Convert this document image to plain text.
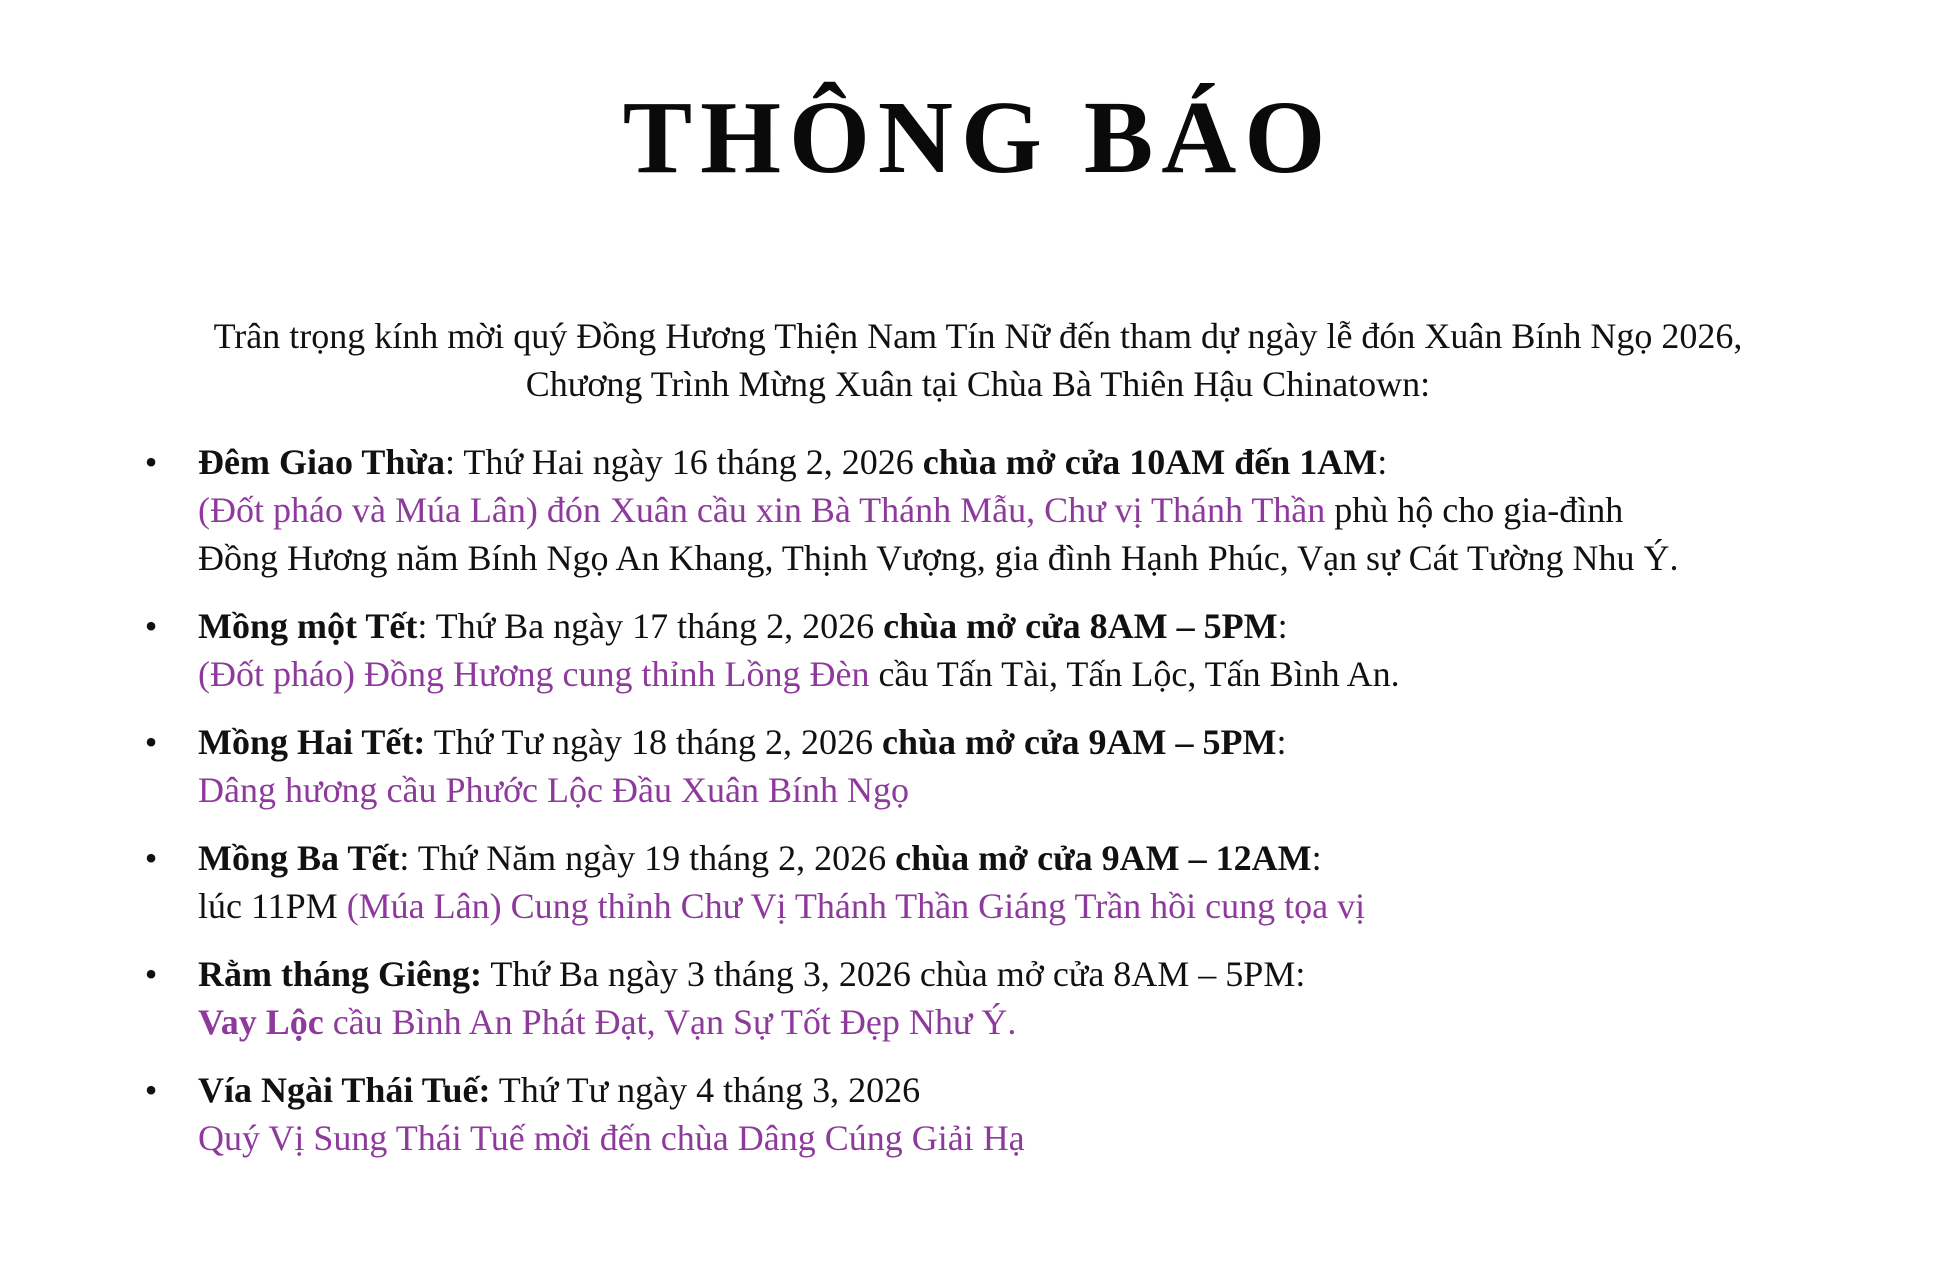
THÔNG BÁO
Trân trọng kính mời quý Đồng Hương Thiện Nam Tín Nữ đến tham dự ngày lễ đón Xuân Bính Ngọ 2026,
Chương Trình Mừng Xuân tại Chùa Bà Thiên Hậu Chinatown:
• Đêm Giao Thừa: Thứ Hai ngày 16 tháng 2, 2026 chùa mở cửa 10AM đến 1AM:
(Đốt pháo và Múa Lân) đón Xuân cầu xin Bà Thánh Mẫu, Chư vị Thánh Thần phù hộ cho gia-đình
Đồng Hương năm Bính Ngọ An Khang, Thịnh Vượng, gia đình Hạnh Phúc, Vạn sự Cát Tường Nhu Ý.
• Mồng một Tết: Thứ Ba ngày 17 tháng 2, 2026 chùa mở cửa 8AM – 5PM:
(Đốt pháo) Đồng Hương cung thỉnh Lồng Đèn cầu Tấn Tài, Tấn Lộc, Tấn Bình An.
• Mồng Hai Tết: Thứ Tư ngày 18 tháng 2, 2026 chùa mở cửa 9AM – 5PM:
Dâng hương cầu Phước Lộc Đầu Xuân Bính Ngọ
• Mồng Ba Tết: Thứ Năm ngày 19 tháng 2, 2026 chùa mở cửa 9AM – 12AM:
lúc 11PM (Múa Lân) Cung thỉnh Chư Vị Thánh Thần Giáng Trần hồi cung tọa vị
• Rằm tháng Giêng: Thứ Ba ngày 3 tháng 3, 2026 chùa mở cửa 8AM – 5PM:
Vay Lộc cầu Bình An Phát Đạt, Vạn Sự Tốt Đẹp Như Ý.
• Vía Ngài Thái Tuế: Thứ Tư ngày 4 tháng 3, 2026
Quý Vị Sung Thái Tuế mời đến chùa Dâng Cúng Giải Hạ
